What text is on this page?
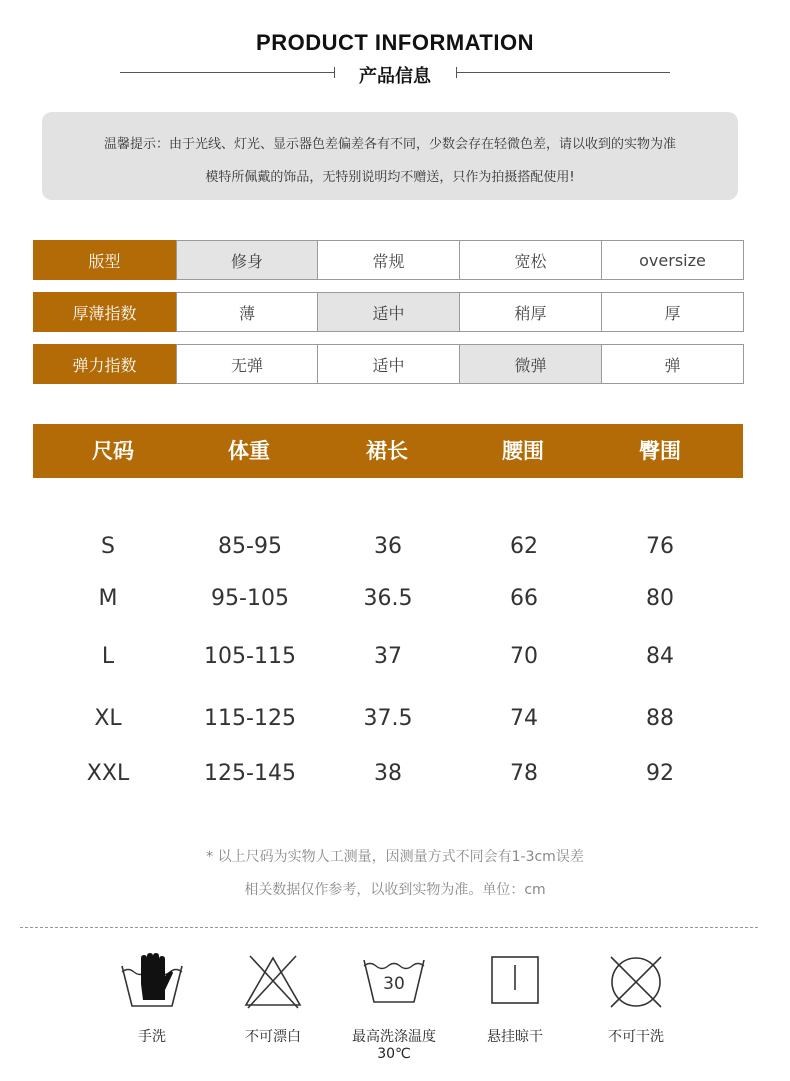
PRODUCT INFORMATION
产品信息
温馨提示：由于光线、灯光、显示器色差偏差各有不同，少数会存在轻微色差，请以收到的实物为准
模特所佩戴的饰品，无特别说明均不赠送，只作为拍摄搭配使用!
版型	修身	常规	宽松	oversize
厚薄指数	薄	适中	稍厚	厚
弹力指数	无弹	适中	微弹	弹
尺码	体重	裙长	腰围	臀围
S	85-95	36	62	76
M	95-105	36.5	66	80
L	105-115	37	70	84
XL	115-125	37.5	74	88
XXL	125-145	38	78	92
* 以上尺码为实物人工测量，因测量方式不同会有1-3cm误差
相关数据仅作参考，以收到实物为准。单位：cm
手洗	不可漂白
30
最高洗涤温度 30℃
悬挂晾干	不可干洗
